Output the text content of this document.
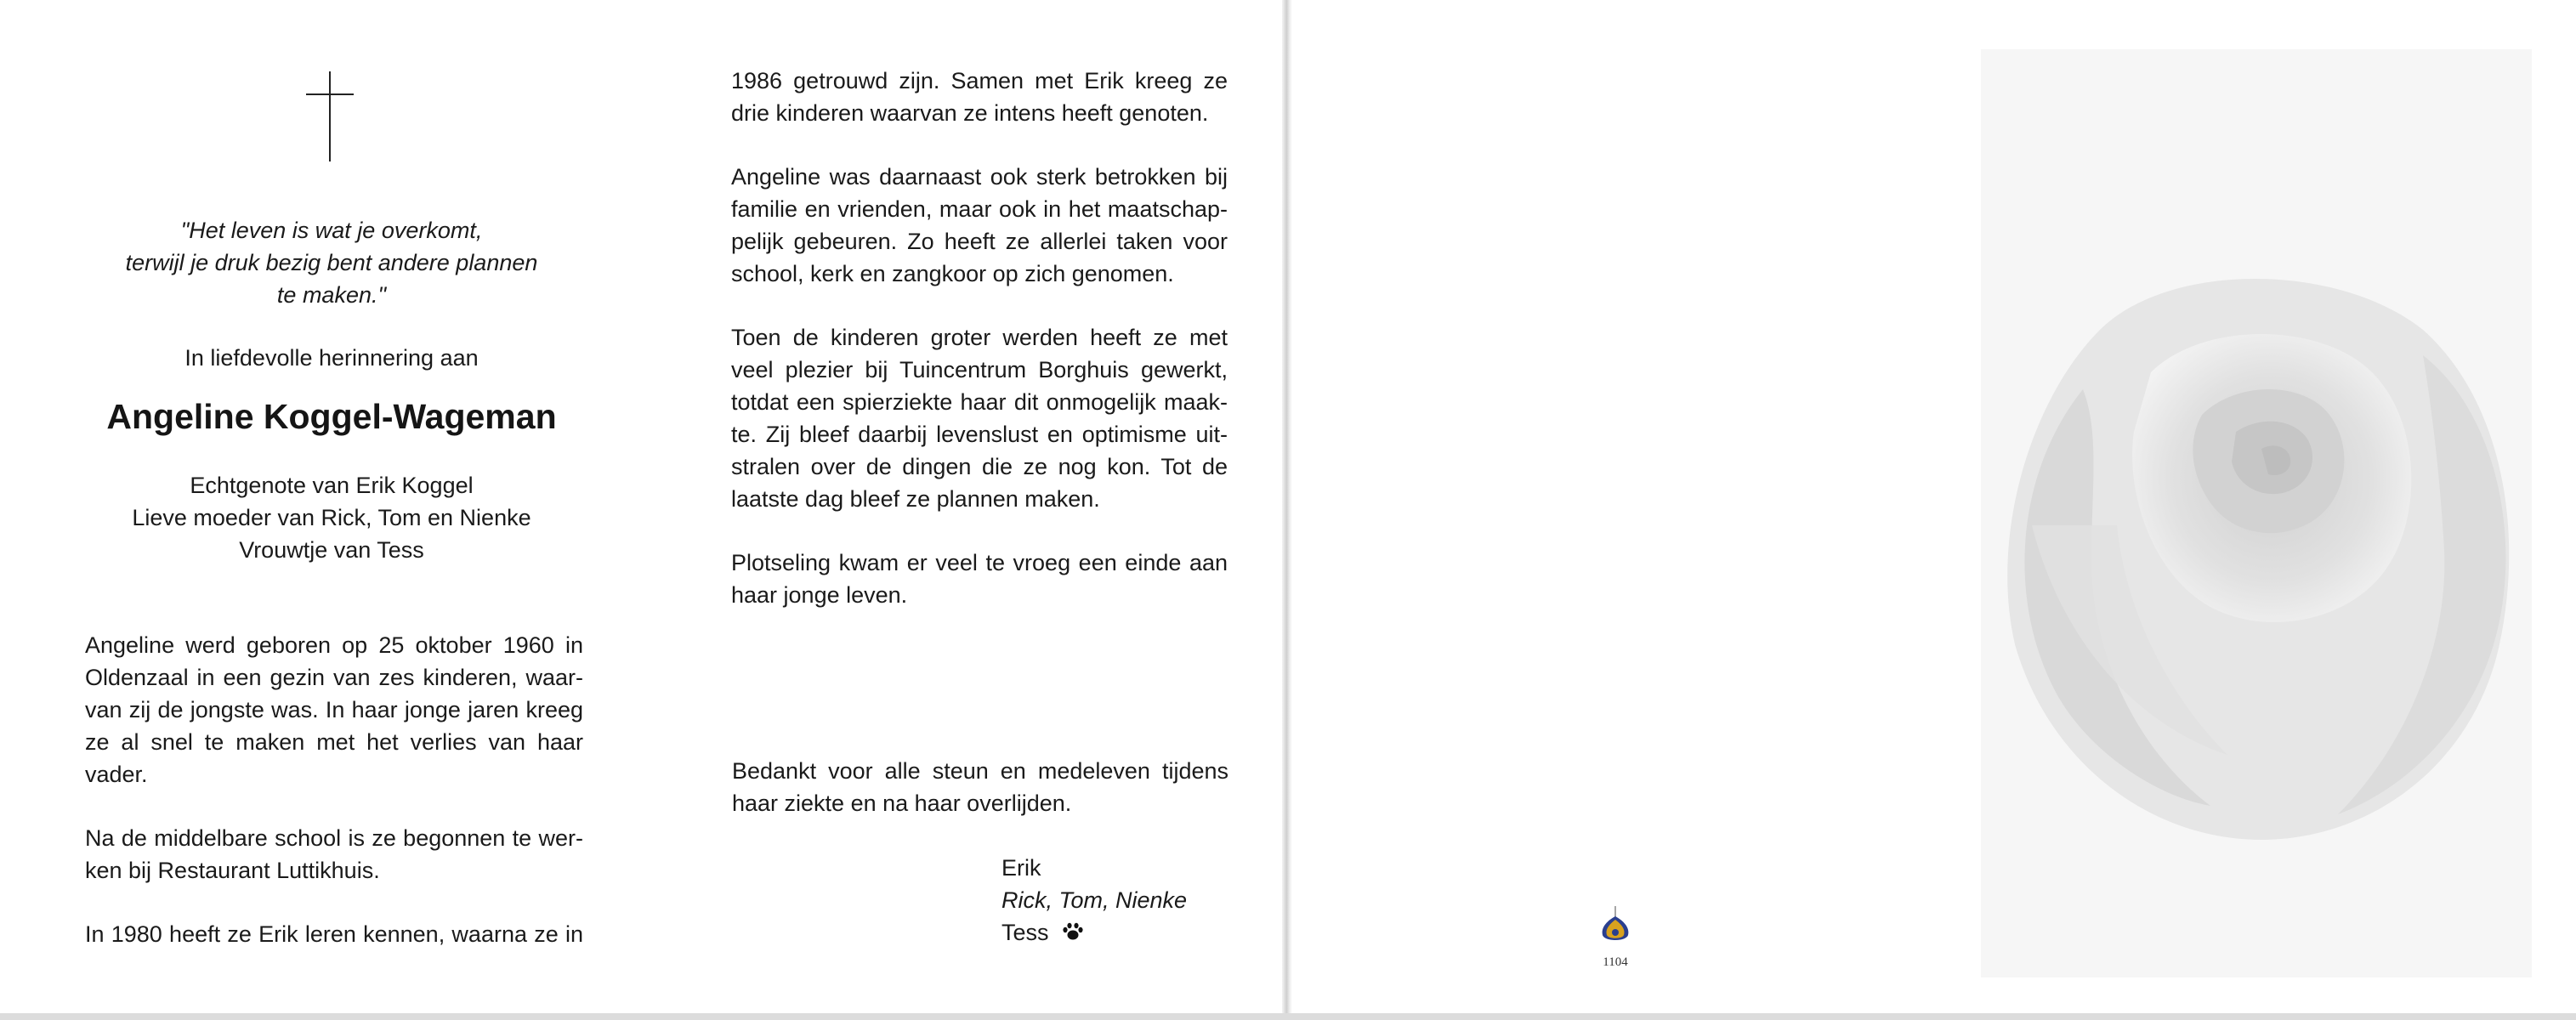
"Het leven is wat je overkomt,
terwijl je druk bezig bent andere plannen
te maken."
In liefdevolle herinnering aan
Angeline Koggel-Wageman
Echtgenote van Erik Koggel
Lieve moeder van Rick, Tom en Nienke
Vrouwtje van Tess
Angeline werd geboren op 25 oktober 1960 in
Oldenzaal in een gezin van zes kinderen, waar-
van zij de jongste was. In haar jonge jaren kreeg
ze al snel te maken met het verlies van haar
vader.
Na de middelbare school is ze begonnen te wer-
ken bij Restaurant Luttikhuis.
In 1980 heeft ze Erik leren kennen, waarna ze in
1986 getrouwd zijn. Samen met Erik kreeg ze
drie kinderen waarvan ze intens heeft genoten.
Angeline was daarnaast ook sterk betrokken bij
familie en vrienden, maar ook in het maatschap-
pelijk gebeuren. Zo heeft ze allerlei taken voor
school, kerk en zangkoor op zich genomen.
Toen de kinderen groter werden heeft ze met
veel plezier bij Tuincentrum Borghuis gewerkt,
totdat een spierziekte haar dit onmogelijk maak-
te. Zij bleef daarbij levenslust en optimisme uit-
stralen over de dingen die ze nog kon. Tot de
laatste dag bleef ze plannen maken.
Plotseling kwam er veel te vroeg een einde aan
haar jonge leven.
Bedankt voor alle steun en medeleven tijdens
haar ziekte en na haar overlijden.
Erik
Rick, Tom, Nienke
Tess
1104
